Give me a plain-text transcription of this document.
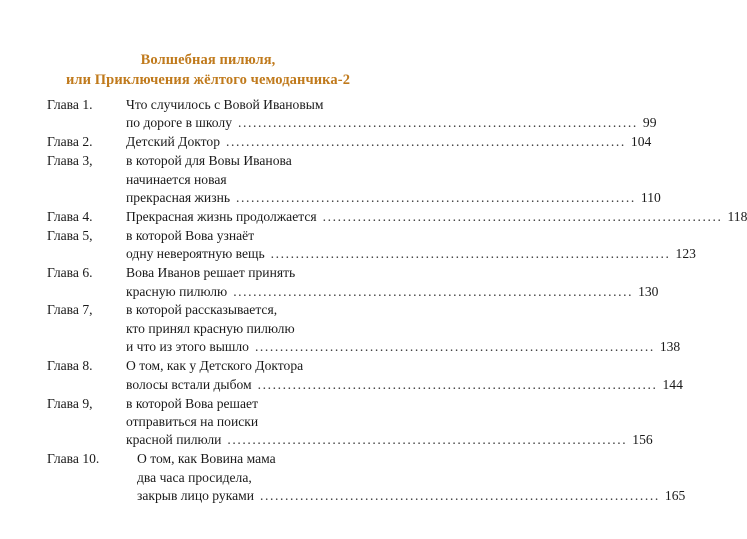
Волшебная пилюля,
или Приключения жёлтого чемоданчика-2
Глава 1.	Что случилось с Вовой Ивановым
по дороге в школу ................................................................................ 99
Глава 2.	Детский Доктор ................................................................................ 104
Глава 3,	в которой для Вовы Иванова
начинается новая
прекрасная жизнь ................................................................................ 110
Глава 4.	Прекрасная жизнь продолжается ................................................................................ 118
Глава 5,	в которой Вова узнаёт
одну невероятную вещь ................................................................................ 123
Глава 6.	Вова Иванов решает принять
красную пилюлю ................................................................................ 130
Глава 7,	в которой рассказывается,
кто принял красную пилюлю
и что из этого вышло ................................................................................ 138
Глава 8.	О том, как у Детского Доктора
волосы встали дыбом ................................................................................ 144
Глава 9,	в которой Вова решает
отправиться на поиски
красной пилюли ................................................................................ 156
Глава 10.	О том, как Вовина мама
два часа просидела,
закрыв лицо руками ................................................................................ 165
